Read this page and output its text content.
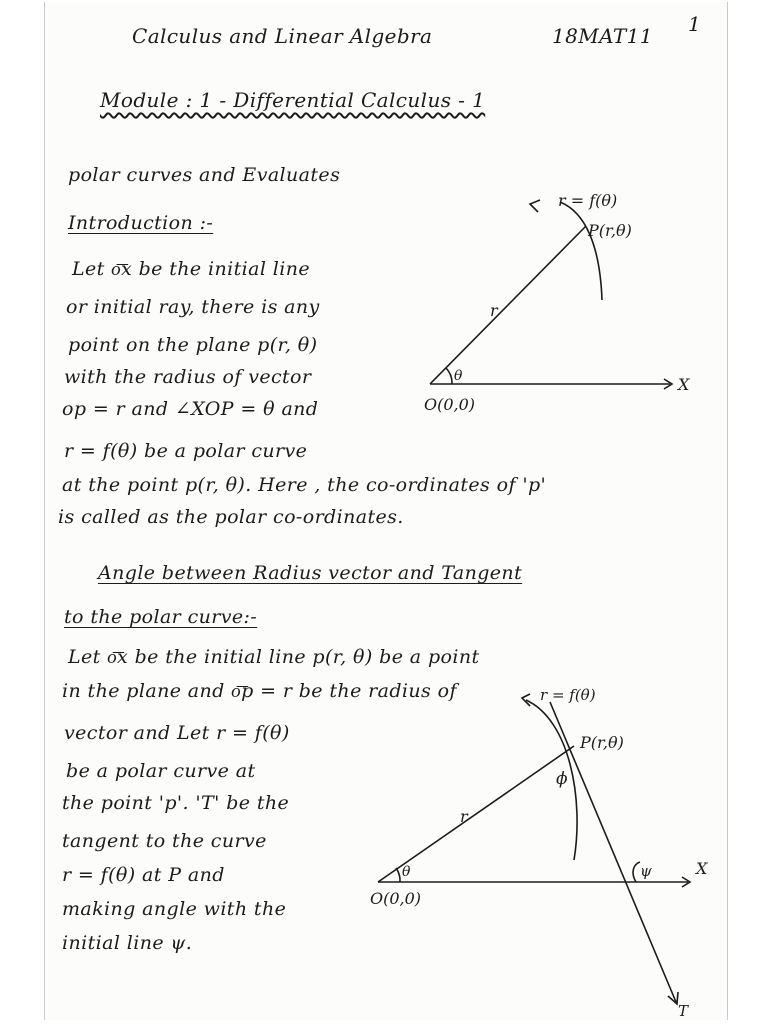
Calculus and Linear Algebra	18MAT11 1
Module : 1 - Differential Calculus - 1
polar curves and Evaluates
Introduction :-
Let o͞x be the initial line
or initial ray, there is any
point on the plane p(r, θ)
with the radius of vector
op = r and ∠XOP = θ and
r = f(θ) be a polar curve
at the point p(r, θ). Here , the co-ordinates of 'p'
is called as the polar co-ordinates.
r = f(θ)
P(r,θ)
r
θ	X
O(0,0)
Angle between Radius vector and Tangent
to the polar curve:-
Let o͞x be the initial line p(r, θ) be a point
in the plane and o͞p = r be the radius of
vector and Let r = f(θ)
be a polar curve at
the point 'p'. 'T' be the
tangent to the curve
r = f(θ) at P and
making angle with the
initial line ψ.
r = f(θ)
P(r,θ)
ϕ
r
θ	ψ	X
O(0,0)
T
